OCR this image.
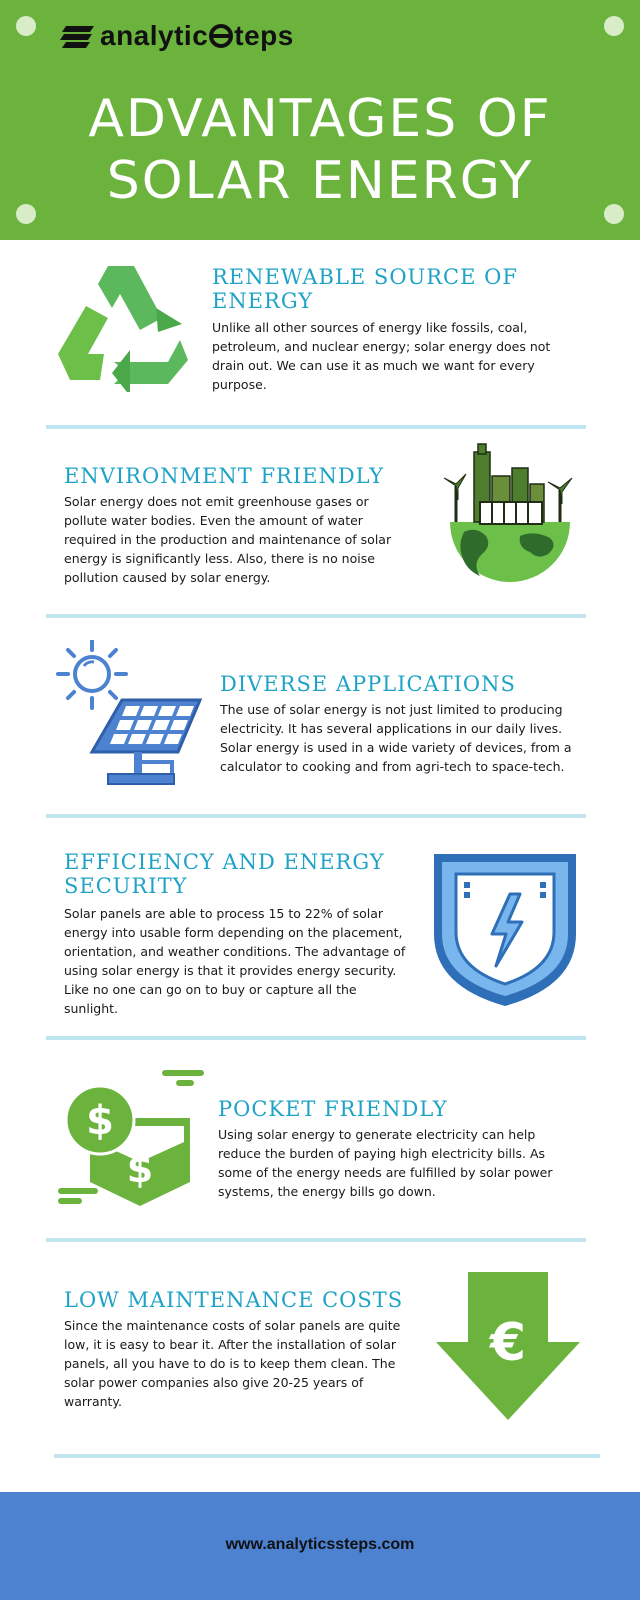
analytic teps
ADVANTAGES OF
SOLAR ENERGY
RENEWABLE SOURCE OF ENERGY

Unlike all other sources of energy like fossils, coal, petroleum, and nuclear energy; solar energy does not drain out. We can use it as much we want for every purpose.

ENVIRONMENT FRIENDLY

Solar energy does not emit greenhouse gases or pollute water bodies. Even the amount of water required in the production and maintenance of solar energy is significantly less. Also, there is no noise pollution caused by solar energy.

DIVERSE APPLICATIONS

The use of solar energy is not just limited to producing electricity. It has several applications in our daily lives. Solar energy is used in a wide variety of devices, from a calculator to cooking and from agri-tech to space-tech.

EFFICIENCY AND ENERGY SECURITY

Solar panels are able to process 15 to 22% of solar energy into usable form depending on the placement, orientation, and weather conditions. The advantage of using solar energy is that it provides energy security. Like no one can go on to buy or capture all the sunlight.

$
$
POCKET FRIENDLY

Using solar energy to generate electricity can help reduce the burden of paying high electricity bills. As some of the energy needs are fulfilled by solar power systems, the energy bills go down.

LOW MAINTENANCE COSTS

Since the maintenance costs of solar panels are quite low, it is easy to bear it. After the installation of solar panels, all you have to do is to keep them clean. The solar power companies also give 20-25 years of warranty.

€
www.analyticssteps.com
